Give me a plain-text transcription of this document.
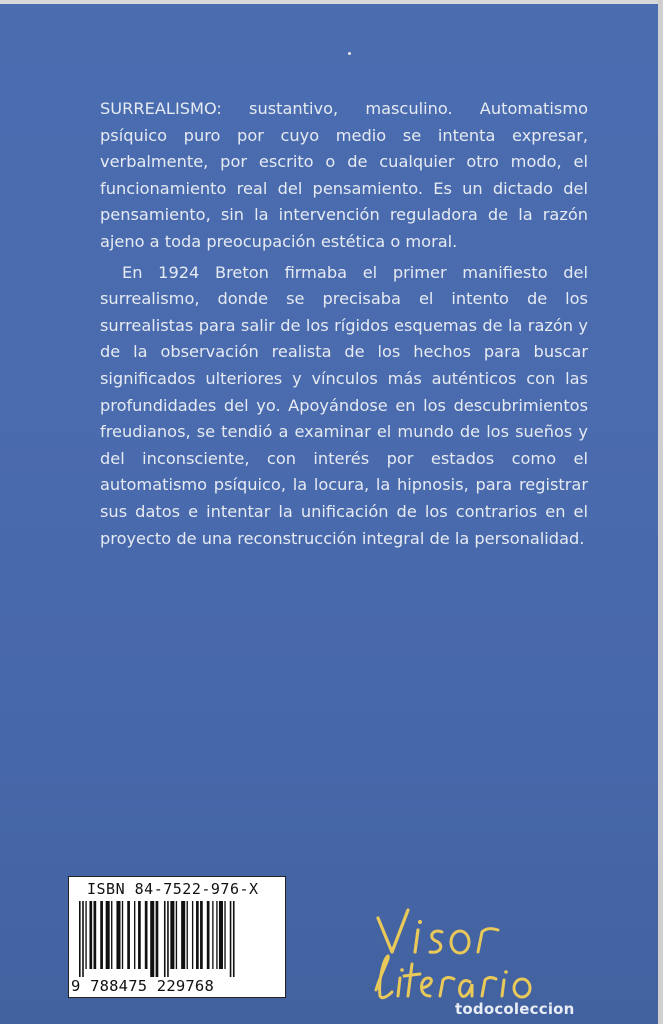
SURREALISMO: sustantivo, masculino. Automatismo psíquico puro por cuyo medio se intenta expresar, verbalmente, por escrito o de cualquier otro modo, el funcionamiento real del pensamiento. Es un dictado del pensamiento, sin la intervención reguladora de la razón ajeno a toda preocupación estética o moral.

En 1924 Breton firmaba el primer manifiesto del surrealismo, donde se precisaba el intento de los surrealistas para salir de los rígidos esquemas de la razón y de la observación realista de los hechos para buscar significados ulteriores y vínculos más auténticos con las profundidades del yo. Apoyándose en los descubrimientos freudianos, se tendió a examinar el mundo de los sueños y del inconsciente, con interés por estados como el automatismo psíquico, la locura, la hipnosis, para registrar sus datos e intentar la unificación de los contrarios en el proyecto de una reconstrucción integral de la personalidad.

ISBN 84-7522-976-X
9 788475 229768
todocoleccion
